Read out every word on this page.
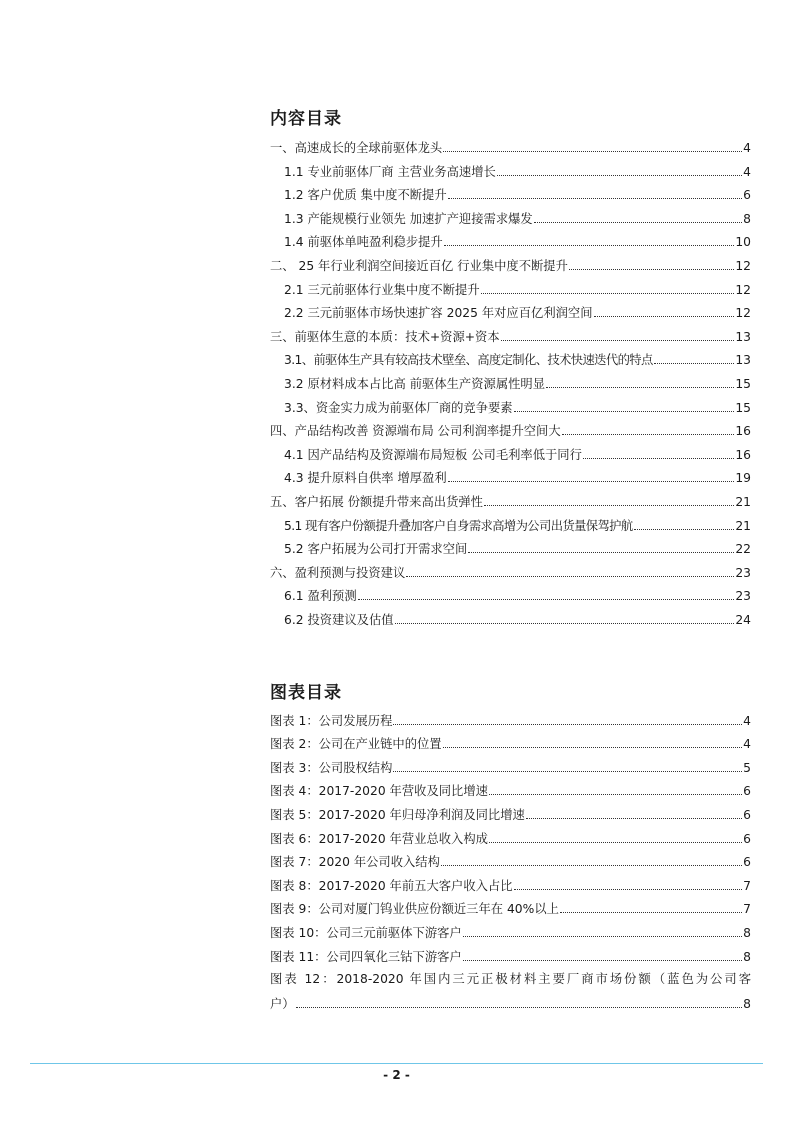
内容目录
一、高速成长的全球前驱体龙头	4
1.1 专业前驱体厂商 主营业务高速增长	4
1.2 客户优质 集中度不断提升	6
1.3 产能规模行业领先 加速扩产迎接需求爆发	8
1.4 前驱体单吨盈利稳步提升	10
二、 25 年行业利润空间接近百亿 行业集中度不断提升	12
2.1 三元前驱体行业集中度不断提升	12
2.2 三元前驱体市场快速扩容 2025 年对应百亿利润空间	12
三、前驱体生意的本质：技术+资源+资本	13
3.1、前驱体生产具有较高技术壁垒、高度定制化、技术快速迭代的特点	13
3.2 原材料成本占比高 前驱体生产资源属性明显	15
3.3、资金实力成为前驱体厂商的竞争要素	15
四、产品结构改善 资源端布局 公司利润率提升空间大	16
4.1 因产品结构及资源端布局短板 公司毛利率低于同行	16
4.3 提升原料自供率 增厚盈利	19
五、客户拓展 份额提升带来高出货弹性	21
5.1 现有客户份额提升叠加客户自身需求高增为公司出货量保驾护航	21
5.2 客户拓展为公司打开需求空间	22
六、盈利预测与投资建议	23
6.1 盈利预测	23
6.2 投资建议及估值	24
图表目录
图表 1：公司发展历程	4
图表 2：公司在产业链中的位置	4
图表 3：公司股权结构	5
图表 4：2017-2020 年营收及同比增速	6
图表 5：2017-2020 年归母净利润及同比增速	6
图表 6：2017-2020 年营业总收入构成	6
图表 7：2020 年公司收入结构	6
图表 8：2017-2020 年前五大客户收入占比	7
图表 9：公司对厦门钨业供应份额近三年在 40%以上	7
图表 10：公司三元前驱体下游客户	8
图表 11：公司四氧化三钴下游客户	8
图表 12：2018-2020 年国内三元正极材料主要厂商市场份额（蓝色为公司客
户）	8
- 2 -
